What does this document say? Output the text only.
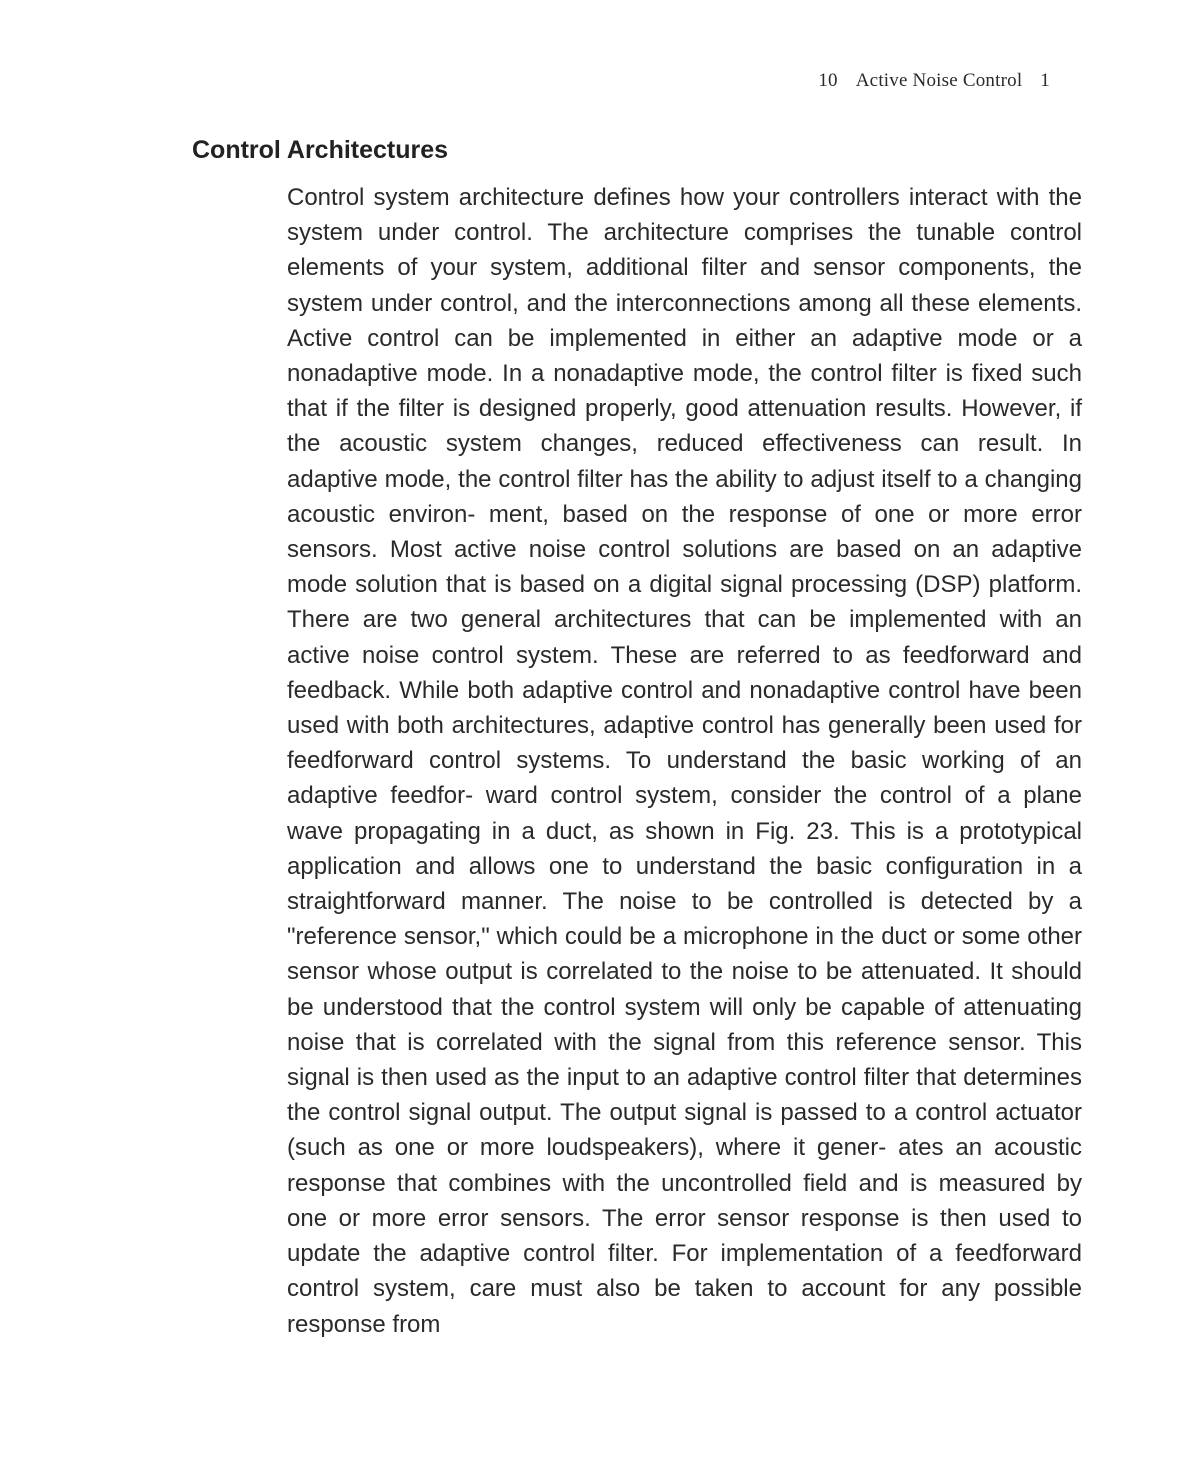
10 Active Noise Control 1
Control Architectures

Control system architecture defines how your controllers interact with the system under control. The architecture comprises the tunable control elements of your system, additional filter and sensor components, the system under control, and the interconnections among all these elements. Active control can be implemented in either an adaptive mode or a nonadaptive mode. In a nonadaptive mode, the control filter is fixed such that if the filter is designed properly, good attenuation results. However, if the acoustic system changes, reduced effectiveness can result. In adaptive mode, the control filter has the ability to adjust itself to a changing acoustic environ- ment, based on the response of one or more error sensors. Most active noise control solutions are based on an adaptive mode solution that is based on a digital signal processing (DSP) platform. There are two general architectures that can be implemented with an active noise control system. These are referred to as feedforward and feedback. While both adaptive control and nonadaptive control have been used with both architectures, adaptive control has generally been used for feedforward control systems. To understand the basic working of an adaptive feedfor- ward control system, consider the control of a plane wave propagating in a duct, as shown in Fig. 23. This is a prototypical application and allows one to understand the basic configuration in a straightforward manner. The noise to be controlled is detected by a "reference sensor," which could be a microphone in the duct or some other sensor whose output is correlated to the noise to be attenuated. It should be understood that the control system will only be capable of attenuating noise that is correlated with the signal from this reference sensor. This signal is then used as the input to an adaptive control filter that determines the control signal output. The output signal is passed to a control actuator (such as one or more loudspeakers), where it gener- ates an acoustic response that combines with the uncontrolled field and is measured by one or more error sensors. The error sensor response is then used to update the adaptive control filter. For implementation of a feedforward control system, care must also be taken to account for any possible response from
